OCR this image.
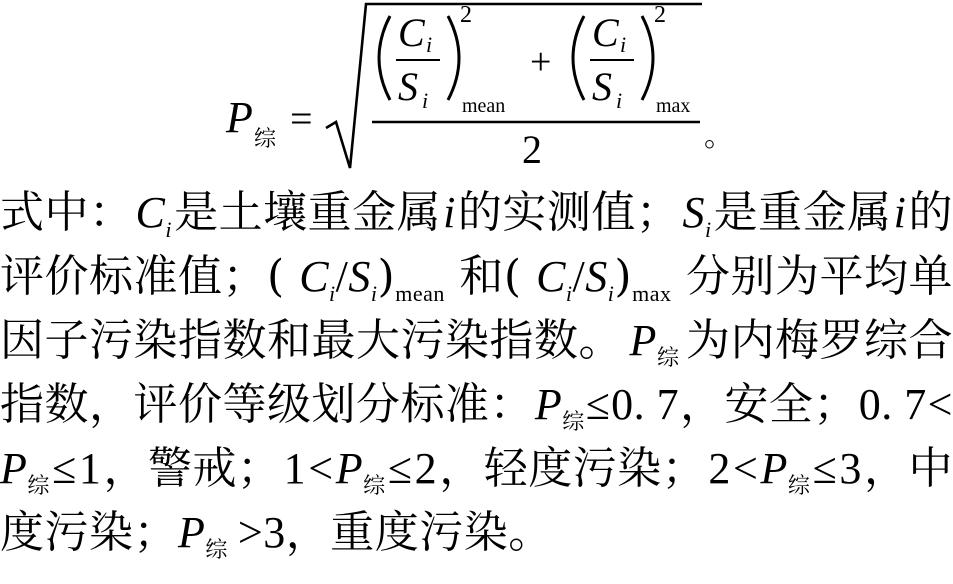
P 综 =
C i
S i
2
mean
+
C i
S i
2
max
2	。
式中： $C_i$ 是土壤重金属 i 的实测值； $S_i$ 是重金属 i 的
评价标准值；( $C_i/S_i)_{mean}$ 和( $C_i/S_i)_{max}$ 分别为平均单
因子污染指数和最大污染指数。 $P_综$ 为内梅罗综合
指数，评价等级划分标准： $P_综 \le 0$. 7 ，安全； 0. 7 <
$P_综 \le 1$ ，警戒； $1 < P_综 \le 2$ ，轻度污染； $2 < P_综 \le 3$ ，中
度污染；$P_综 >3$，重度污染。
